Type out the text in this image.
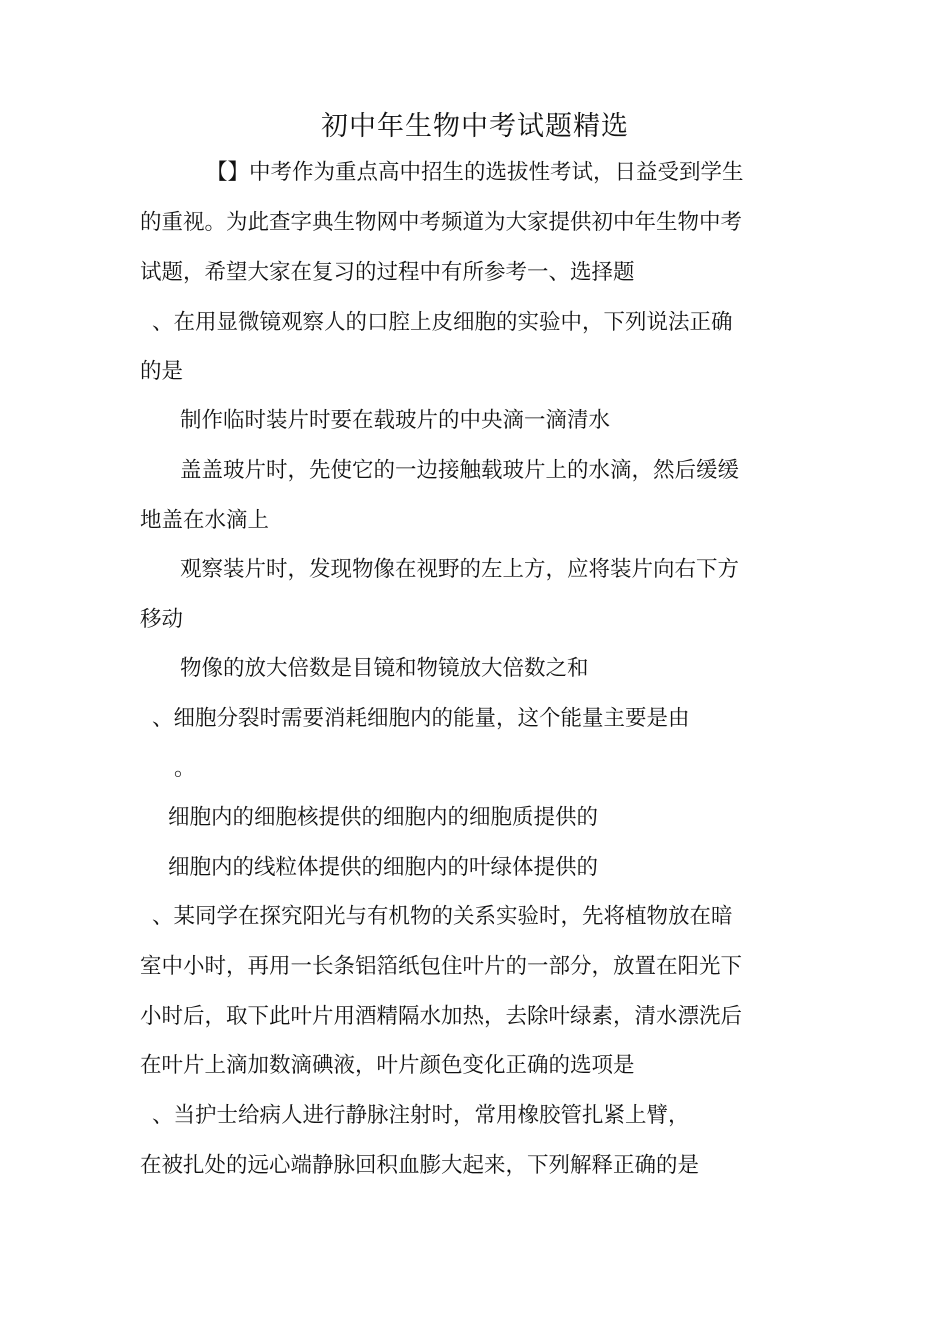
初中年生物中考试题精选
【】中考作为重点高中招生的选拔性考试，日益受到学生
的重视。为此查字典生物网中考频道为大家提供初中年生物中考
试题，希望大家在复习的过程中有所参考一、选择题
、在用显微镜观察人的口腔上皮细胞的实验中，下列说法正确
的是
制作临时装片时要在载玻片的中央滴一滴清水
盖盖玻片时，先使它的一边接触载玻片上的水滴，然后缓缓
地盖在水滴上
观察装片时，发现物像在视野的左上方，应将装片向右下方
移动
物像的放大倍数是目镜和物镜放大倍数之和
、细胞分裂时需要消耗细胞内的能量，这个能量主要是由
。
细胞内的细胞核提供的细胞内的细胞质提供的
细胞内的线粒体提供的细胞内的叶绿体提供的
、某同学在探究阳光与有机物的关系实验时，先将植物放在暗
室中小时，再用一长条铝箔纸包住叶片的一部分，放置在阳光下
小时后，取下此叶片用酒精隔水加热，去除叶绿素，清水漂洗后
在叶片上滴加数滴碘液，叶片颜色变化正确的选项是
、当护士给病人进行静脉注射时，常用橡胶管扎紧上臂，
在被扎处的远心端静脉回积血膨大起来，下列解释正确的是
